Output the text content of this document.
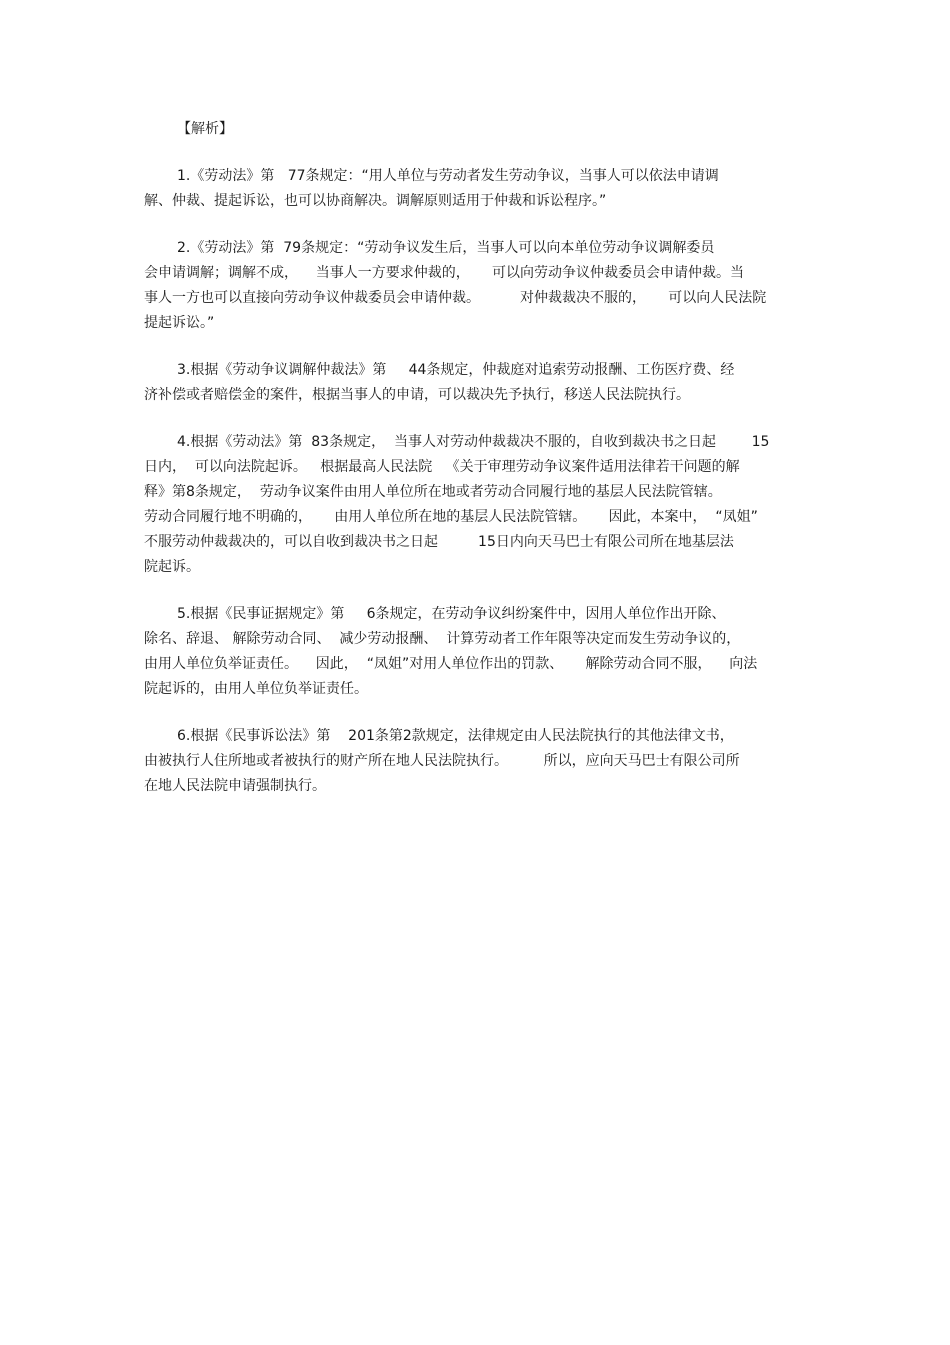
【解析】
1.《劳动法》第   77条规定：“用人单位与劳动者发生劳动争议，当事人可以依法申请调
解、仲裁、提起诉讼，也可以协商解决。调解原则适用于仲裁和诉讼程序。”
2.《劳动法》第  79条规定：“劳动争议发生后，当事人可以向本单位劳动争议调解委员
会申请调解；调解不成，    当事人一方要求仲裁的，     可以向劳动争议仲裁委员会申请仲裁。当
事人一方也可以直接向劳动争议仲裁委员会申请仲裁。         对仲裁裁决不服的，     可以向人民法院
提起诉讼。”
3.根据《劳动争议调解仲裁法》第     44条规定，仲裁庭对追索劳动报酬、工伤医疗费、经
济补偿或者赔偿金的案件，根据当事人的申请，可以裁决先予执行，移送人民法院执行。
4.根据《劳动法》第  83条规定，  当事人对劳动仲裁裁决不服的，自收到裁决书之日起        15
日内，  可以向法院起诉。   根据最高人民法院   《关于审理劳动争议案件适用法律若干问题的解
释》第8条规定，  劳动争议案件由用人单位所在地或者劳动合同履行地的基层人民法院管辖。
劳动合同履行地不明确的，     由用人单位所在地的基层人民法院管辖。     因此，本案中，  “凤姐”
不服劳动仲裁裁决的，可以自收到裁决书之日起         15日内向天马巴士有限公司所在地基层法
院起诉。
5.根据《民事证据规定》第     6条规定，在劳动争议纠纷案件中，因用人单位作出开除、
除名、辞退、 解除劳动合同、  减少劳动报酬、  计算劳动者工作年限等决定而发生劳动争议的，
由用人单位负举证责任。    因此，  “凤姐”对用人单位作出的罚款、     解除劳动合同不服，    向法
院起诉的，由用人单位负举证责任。
6.根据《民事诉讼法》第    201条第2款规定，法律规定由人民法院执行的其他法律文书，
由被执行人住所地或者被执行的财产所在地人民法院执行。        所以，应向天马巴士有限公司所
在地人民法院申请强制执行。
